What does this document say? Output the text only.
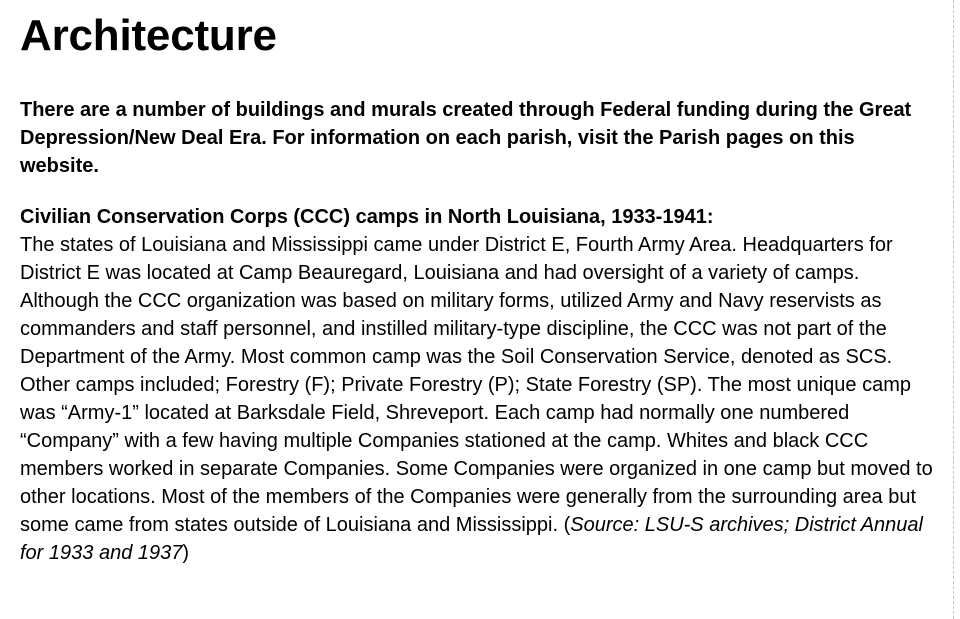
Architecture

There are a number of buildings and murals created through Federal funding during the Great Depression/New Deal Era. For information on each parish, visit the Parish pages on this website.

Civilian Conservation Corps (CCC) camps in North Louisiana, 1933-1941:
The states of Louisiana and Mississippi came under District E, Fourth Army Area. Headquarters for District E was located at Camp Beauregard, Louisiana and had oversight of a variety of camps. Although the CCC organization was based on military forms, utilized Army and Navy reservists as commanders and staff personnel, and instilled military-type discipline, the CCC was not part of the Department of the Army. Most common camp was the Soil Conservation Service, denoted as SCS. Other camps included; Forestry (F); Private Forestry (P); State Forestry (SP). The most unique camp was “Army-1” located at Barksdale Field, Shreveport. Each camp had normally one numbered “Company” with a few having multiple Companies stationed at the camp. Whites and black CCC members worked in separate Companies. Some Companies were organized in one camp but moved to other locations. Most of the members of the Companies were generally from the surrounding area but some came from states outside of Louisiana and Mississippi. (Source: LSU-S archives; District Annual for 1933 and 1937)
